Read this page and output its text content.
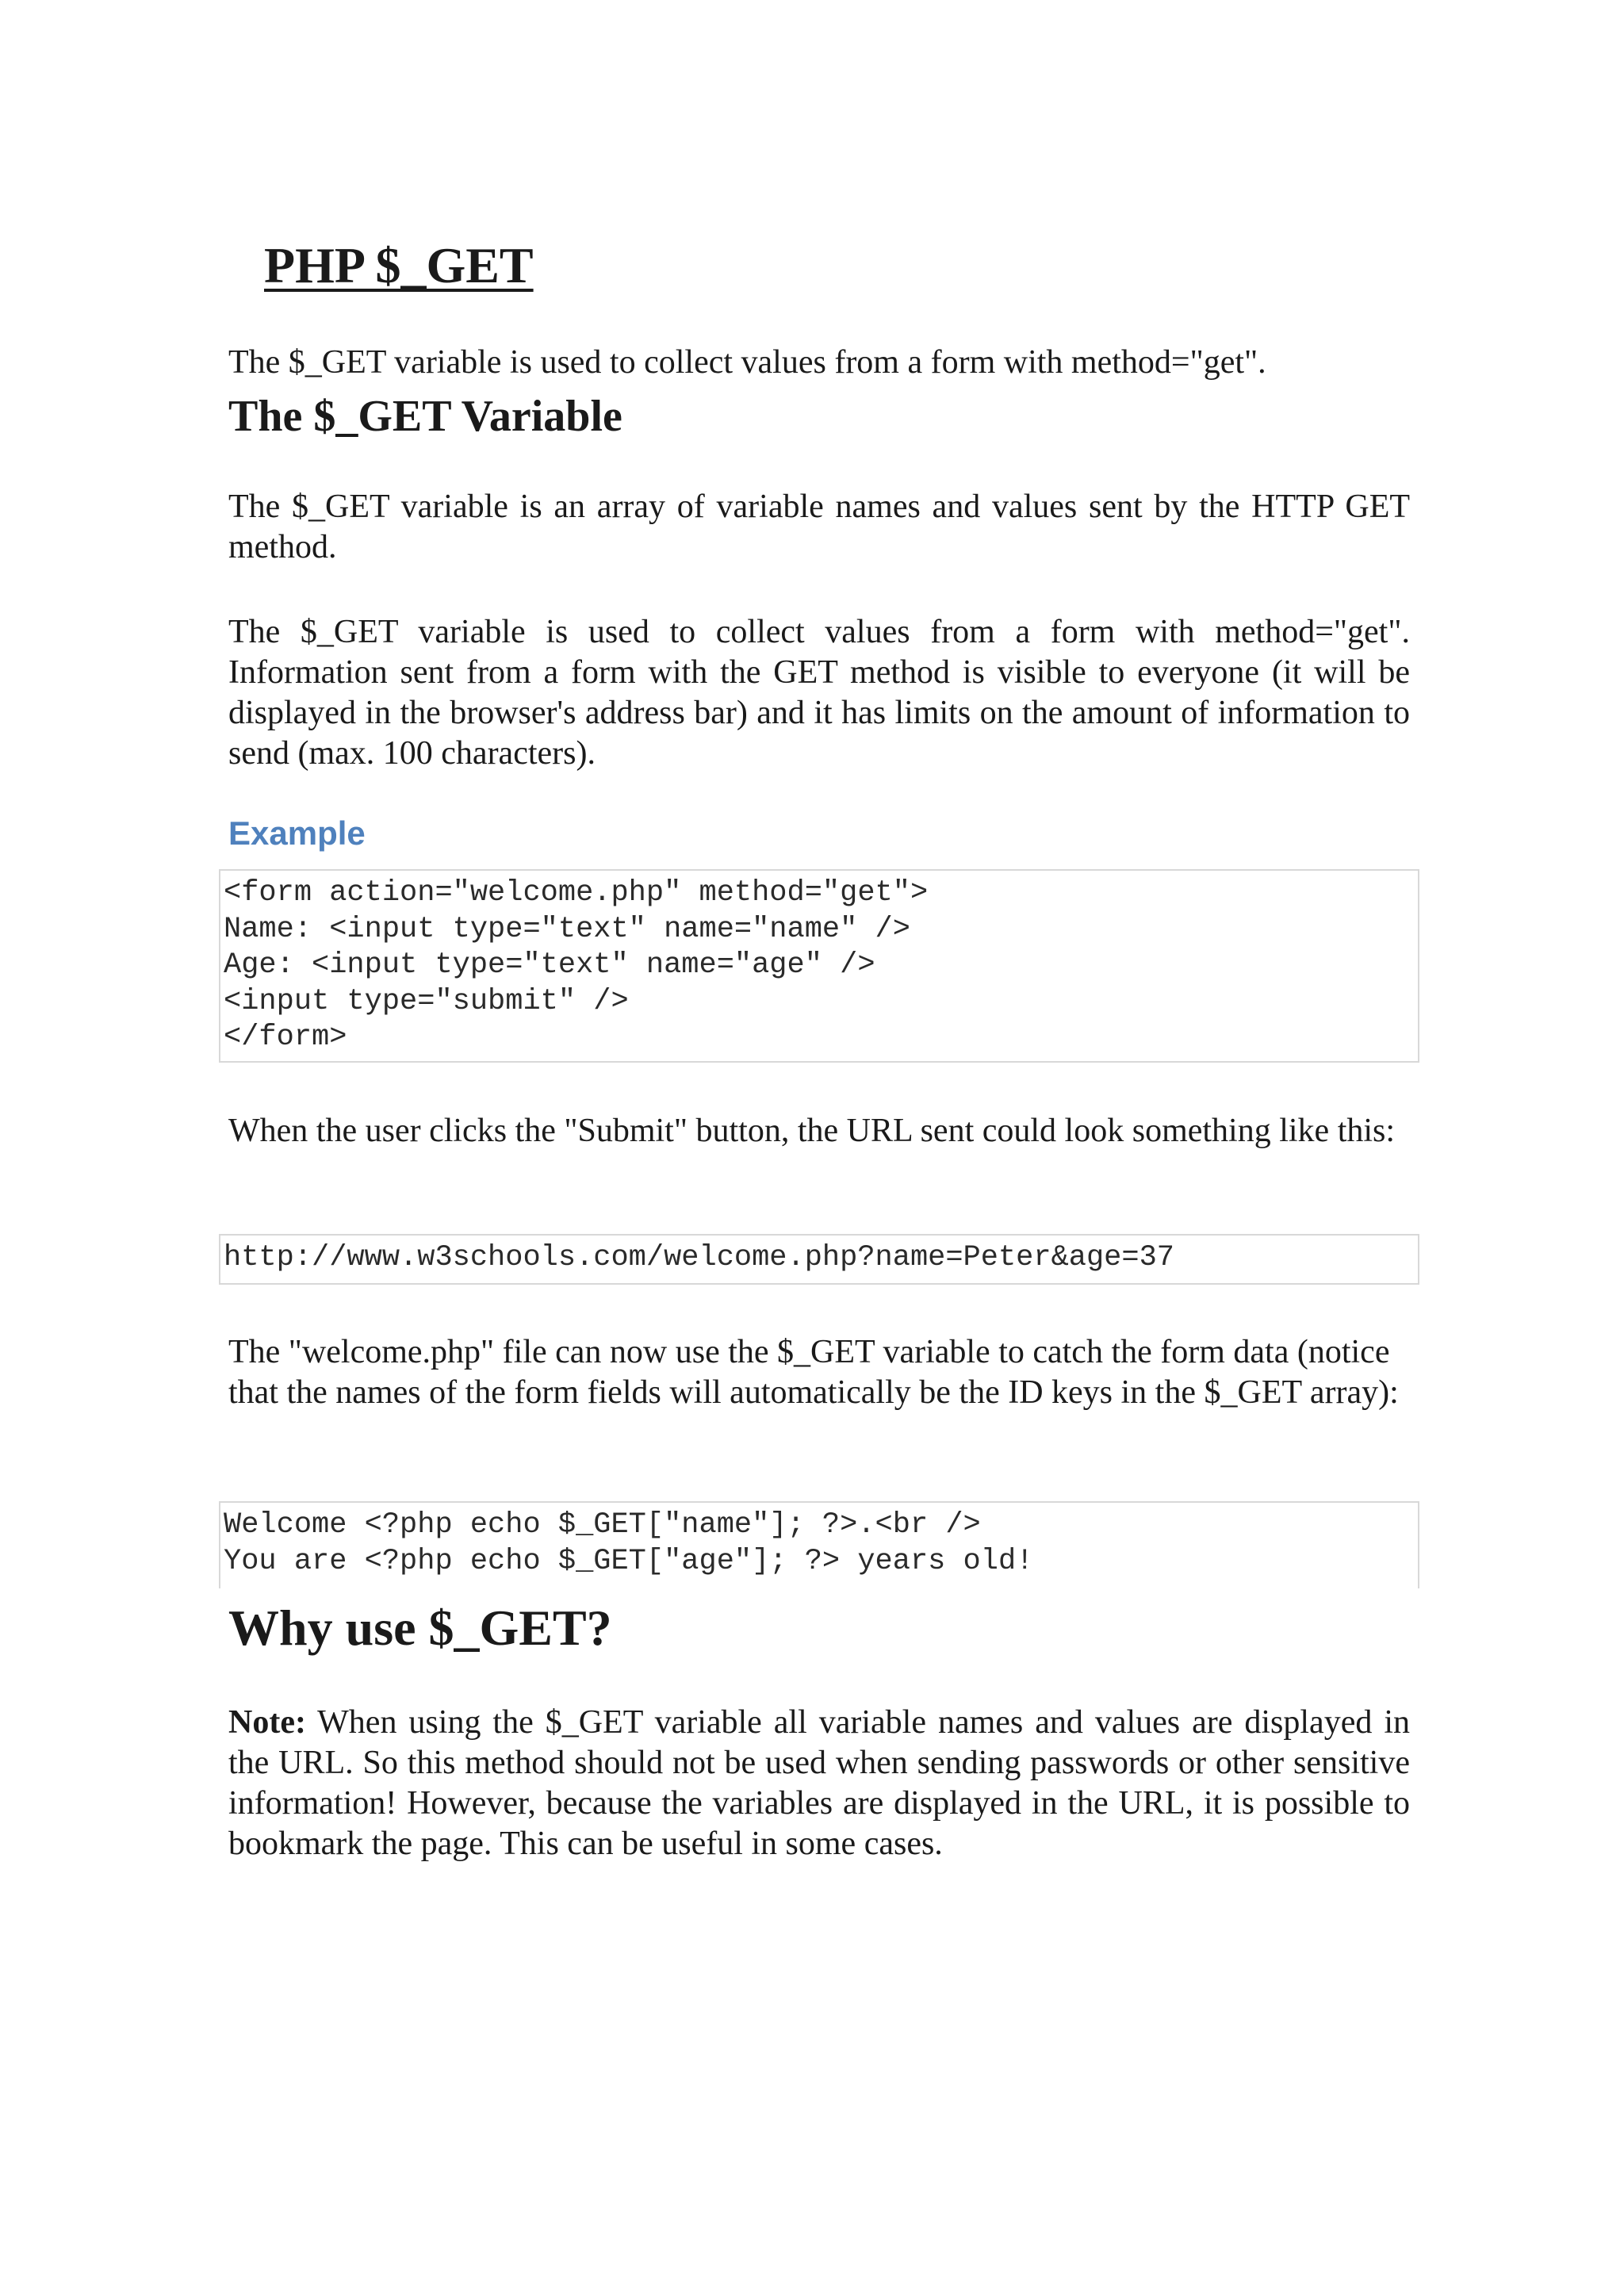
PHP $_GET

The $_GET variable is used to collect values from a form with method="get".

The $_GET Variable

The $_GET variable is an array of variable names and values sent by the HTTP GET method.

The $_GET variable is used to collect values from a form with method="get". Information sent from a form with the GET method is visible to everyone (it will be displayed in the browser's address bar) and it has limits on the amount of information to send (max. 100 characters).

Example
<form action="welcome.php" method="get">
Name: <input type="text" name="name" />
Age: <input type="text" name="age" />
<input type="submit" />
</form>

When the user clicks the "Submit" button, the URL sent could look something like this:

http://www.w3schools.com/welcome.php?name=Peter&age=37

The "welcome.php" file can now use the $_GET variable to catch the form data (notice that the names of the form fields will automatically be the ID keys in the $_GET array):

Welcome <?php echo $_GET["name"]; ?>.<br />
You are <?php echo $_GET["age"]; ?> years old!
Why use $_GET?

Note: When using the $_GET variable all variable names and values are displayed in the URL. So this method should not be used when sending passwords or other sensitive information! However, because the variables are displayed in the URL, it is possible to bookmark the page. This can be useful in some cases.
